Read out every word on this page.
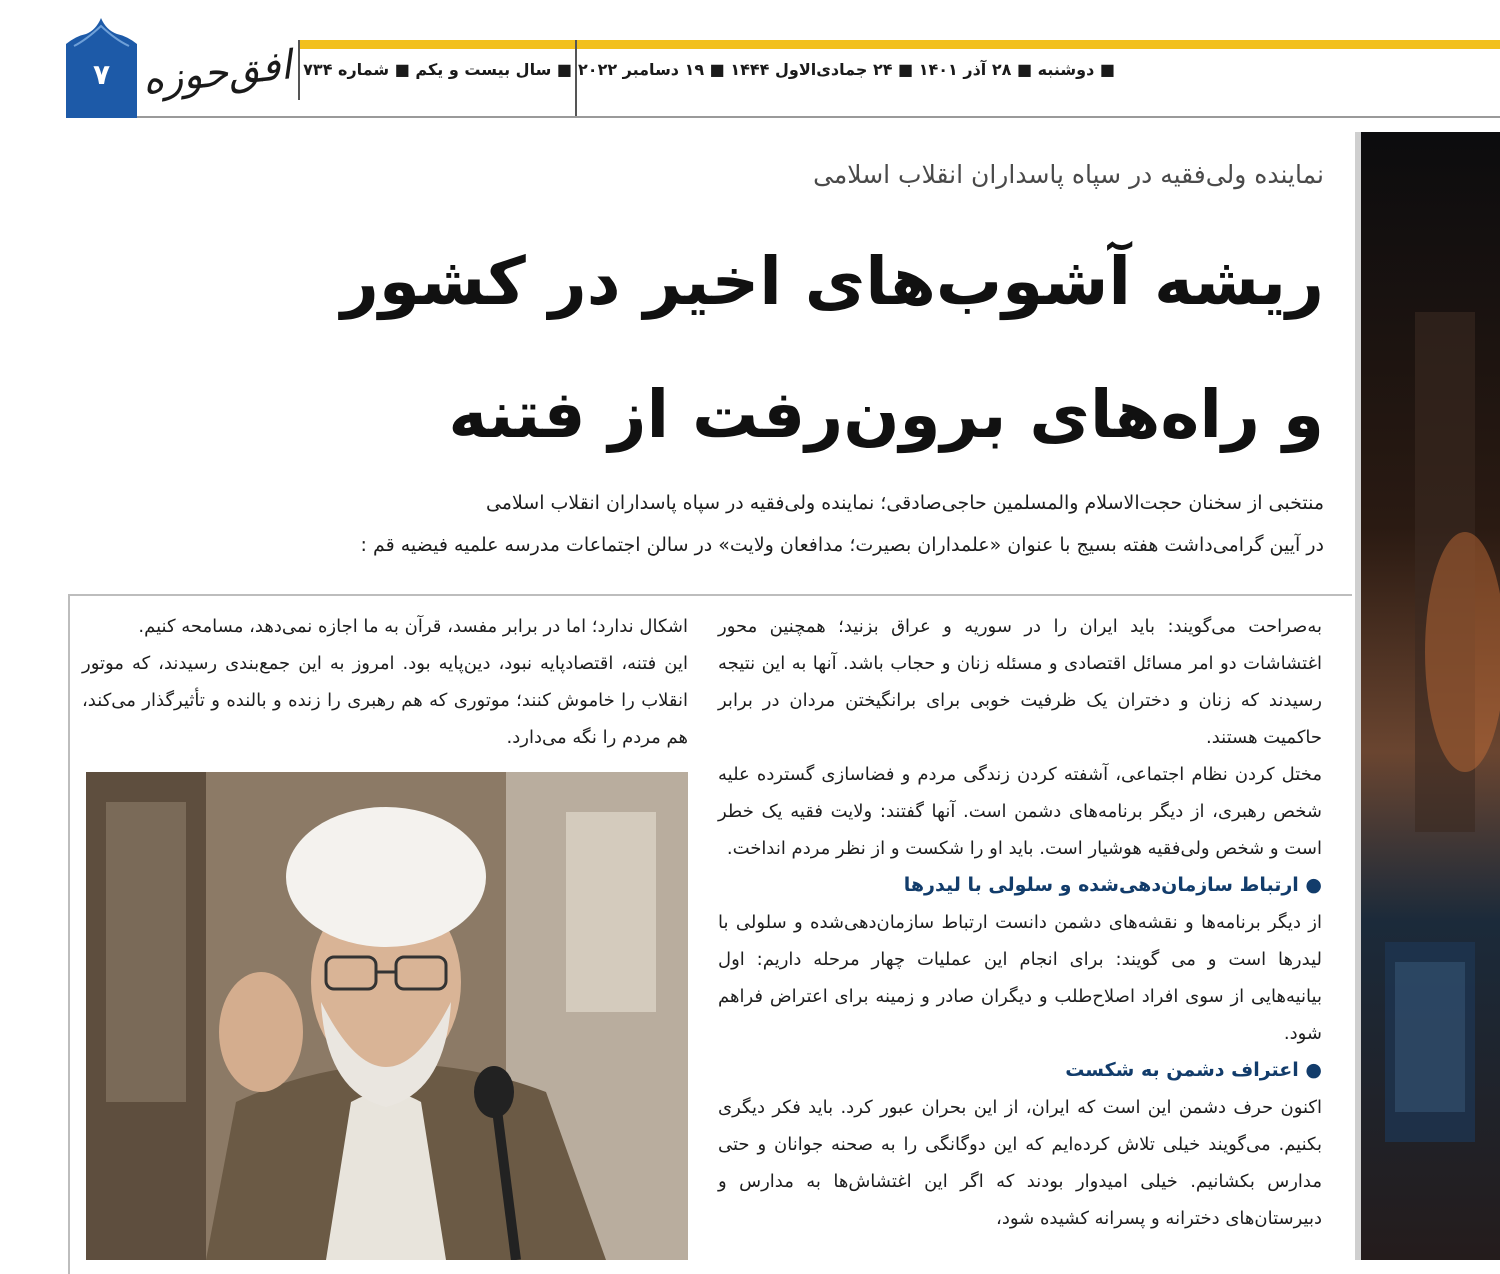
۷ افق‌حوزه	■ دوشنبه ■ ۲۸ آذر ۱۴۰۱ ■ ۲۴ جمادی‌الاول ۱۴۴۴ ■ ۱۹ دسامبر ۲۰۲۲
■ سال بیست و یکم ■ شماره ۷۳۴
نماینده ولی‌فقیه در سپاه پاسداران انقلاب اسلامی
ریشه آشوب‌های اخیر در کشور
و راه‌های برون‌رفت از فتنه
منتخبی از سخنان حجت‌الاسلام والمسلمین حاجی‌صادقی؛ نماینده ولی‌فقیه در سپاه پاسداران انقلاب اسلامی
در آیین گرامی‌داشت هفته بسیج با عنوان «علمداران بصیرت؛ مدافعان ولایت» در سالن اجتماعات مدرسه علمیه فیضیه قم :
به‌صراحت می‌گویند: باید ایران را در سوریه و عراق بزنید؛ همچنین محور اغتشاشات دو امر مسائل اقتصادی و مسئله زنان و حجاب باشد. آنها به این نتیجه رسیدند که زنان و دختران یک ظرفیت خوبی برای برانگیختن مردان در برابر حاکمیت هستند.
مختل کردن نظام اجتماعی، آشفته کردن زندگی مردم و فضاسازی گسترده علیه شخص رهبری، از دیگر برنامه‌های دشمن است. آنها گفتند: ولایت فقیه یک خطر است و شخص ولی‌فقیه هوشیار است. باید او را شکست و از نظر مردم انداخت.
● ارتباط سازمان‌دهی‌شده و سلولی با لیدرها
از دیگر برنامه‌ها و نقشه‌های دشمن دانست ارتباط سازمان‌دهی‌شده و سلولی با لیدرها است و می گویند: برای انجام این عملیات چهار مرحله داریم: اول بیانیه‌هایی از سوی افراد اصلاح‌طلب و دیگران صادر و زمینه برای اعتراض فراهم شود.
● اعتراف دشمن به شکست
اکنون حرف دشمن این است که ایران، از این بحران عبور کرد. باید فکر دیگری بکنیم. می‌گویند خیلی تلاش کرده‌ایم که این دوگانگی را به صحنه جوانان و حتی مدارس بکشانیم. خیلی امیدوار بودند که اگر این اغتشاش‌ها به مدارس و دبیرستان‌های دخترانه و پسرانه کشیده شود،
اشکال ندارد؛ اما در برابر مفسد، قرآن به ما اجازه نمی‌دهد، مسامحه کنیم.
این فتنه، اقتصادپایه نبود، دین‌پایه بود. امروز به این جمع‌بندی رسیدند، که موتور انقلاب را خاموش کنند؛ موتوری که هم رهبری را زنده و بالنده و تأثیرگذار می‌کند، هم مردم را نگه می‌دارد.
